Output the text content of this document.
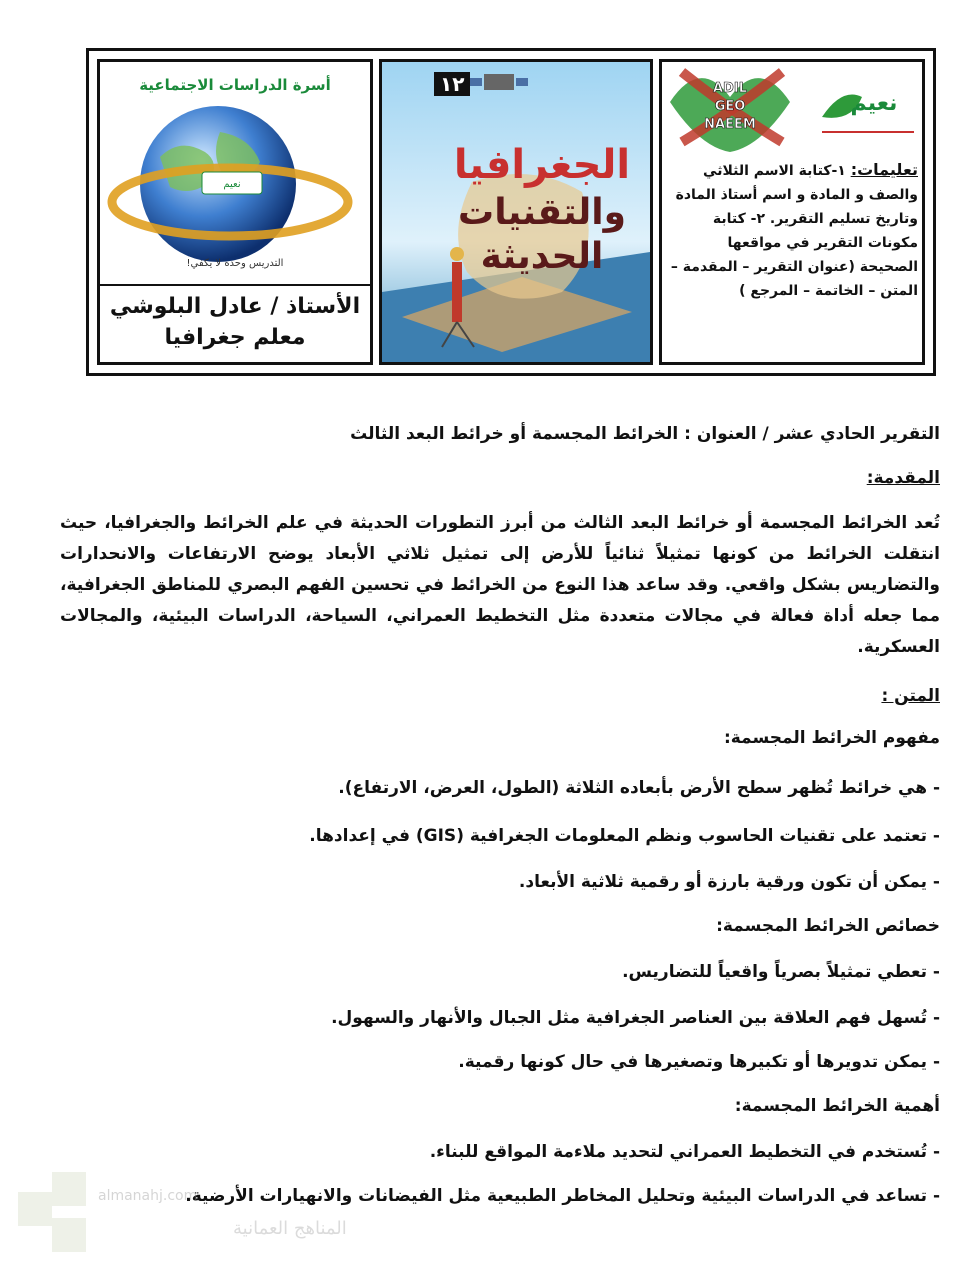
نعيم
أسرة الدراسات الاجتماعية
التدريس وحده لا يكفي!
الأستاذ / عادل البلوشي
معلم جغرافيا
١٢
الجغرافيا
والتقنيات
الحديثة
ADIL
GEO
NAEEM
نعيم
تعليمات: ١-كتابة الاسم الثلاثي والصف و المادة و اسم أستاذ المادة وتاريخ تسليم التقرير. ٢- كتابة مكونات التقرير في مواقعها الصحيحة (عنوان التقرير – المقدمة – المتن – الخاتمة – المرجع )
التقرير الحادي عشر / العنوان : الخرائط المجسمة أو خرائط البعد الثالث
المقدمة:
تُعد الخرائط المجسمة أو خرائط البعد الثالث من أبرز التطورات الحديثة في علم الخرائط والجغرافيا، حيث انتقلت الخرائط من كونها تمثيلاً ثنائياً للأرض إلى تمثيل ثلاثي الأبعاد يوضح الارتفاعات والانحدارات والتضاريس بشكل واقعي. وقد ساعد هذا النوع من الخرائط في تحسين الفهم البصري للمناطق الجغرافية، مما جعله أداة فعالة في مجالات متعددة مثل التخطيط العمراني، السياحة، الدراسات البيئية، والمجالات العسكرية.
المتن :
مفهوم الخرائط المجسمة:
- هي خرائط تُظهر سطح الأرض بأبعاده الثلاثة (الطول، العرض، الارتفاع).
- تعتمد على تقنيات الحاسوب ونظم المعلومات الجغرافية (GIS) في إعدادها.
- يمكن أن تكون ورقية بارزة أو رقمية ثلاثية الأبعاد.
خصائص الخرائط المجسمة:
- تعطي تمثيلاً بصرياً واقعياً للتضاريس.
- تُسهل فهم العلاقة بين العناصر الجغرافية مثل الجبال والأنهار والسهول.
- يمكن تدويرها أو تكبيرها وتصغيرها في حال كونها رقمية.
أهمية الخرائط المجسمة:
- تُستخدم في التخطيط العمراني لتحديد ملاءمة المواقع للبناء.
- تساعد في الدراسات البيئية وتحليل المخاطر الطبيعية مثل الفيضانات والانهيارات الأرضية.
almanahj.com
المناهج العمانية
